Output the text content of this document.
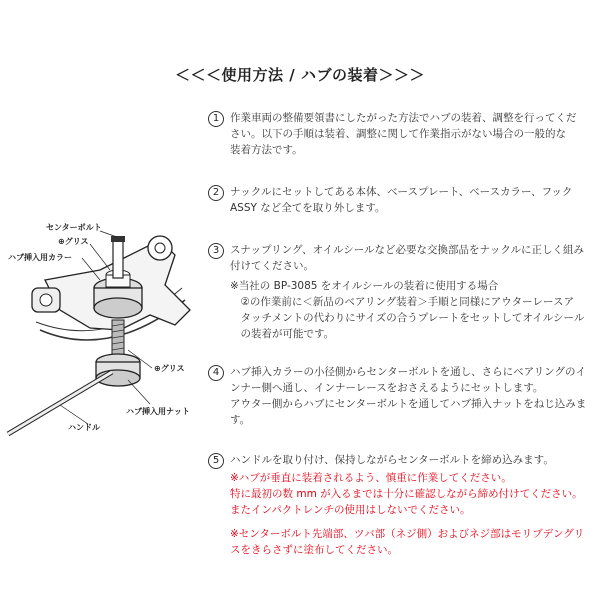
＜＜＜使用方法 / ハブの装着＞＞＞
センターボルト
⊕グリス
ハブ挿入用カラー
⊕グリス
ハブ挿入用ナット
ハンドル
1	作業車両の整備要領書にしたがった方法でハブの装着、調整を行ってくだ
さい。以下の手順は装着、調整に関して作業指示がない場合の一般的な
装着方法です。
2	ナックルにセットしてある本体、ベースプレート、ベースカラー、フック
ASSY など全てを取り外します。
3	スナップリング、オイルシールなど必要な交換部品をナックルに正しく組み
付けてください。
※当社の BP-3085 をオイルシールの装着に使用する場合
　②の作業前に＜新品のベアリング装着＞手順と同様にアウターレースア
　タッチメントの代わりにサイズの合うプレートをセットしてオイルシール
　の装着が可能です。
4	ハブ挿入カラーの小径側からセンターボルトを通し、さらにベアリングのイ
ンナー側へ通し、インナーレースをおさえるようにセットします。
アウター側からハブにセンターボルトを通してハブ挿入ナットをねじ込みま
す。
5	ハンドルを取り付け、保持しながらセンターボルトを締め込みます。
※ハブが垂直に装着されるよう、慎重に作業してください。
特に最初の数 mm が入るまでは十分に確認しながら締め付けてください。
またインパクトレンチの使用はしないでください。
※センターボルト先端部、ツバ部（ネジ側）およびネジ部はモリブデングリ
スをきらさずに塗布してください。
